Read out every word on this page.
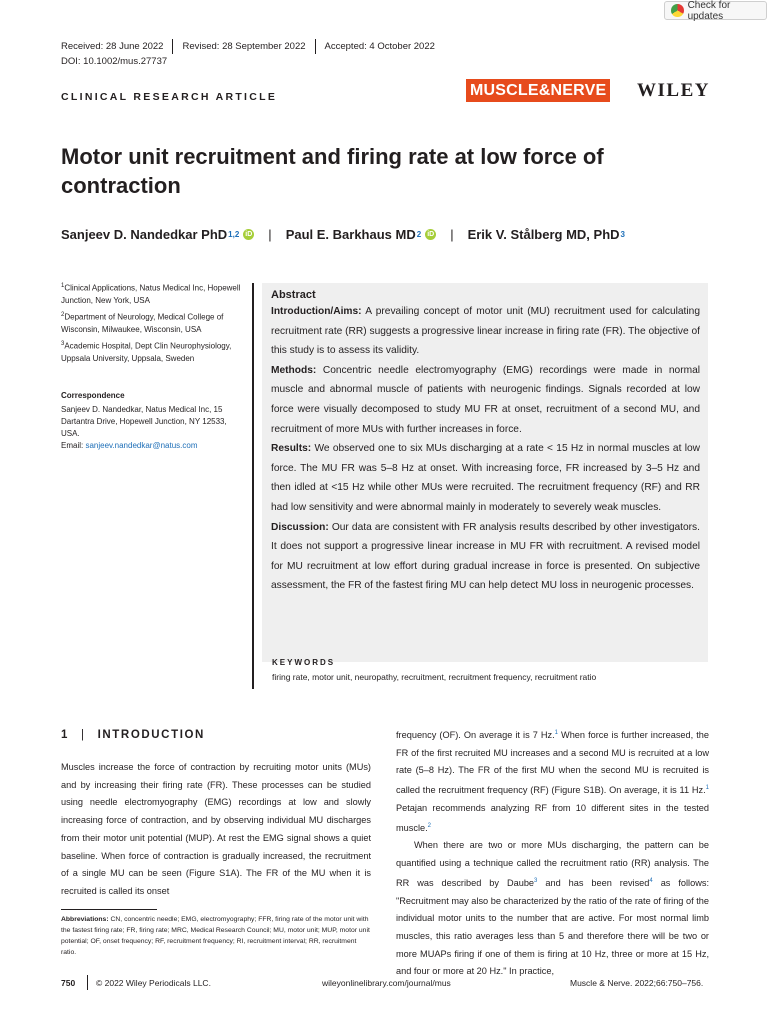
Check for updates
Received: 28 June 2022 Revised: 28 September 2022 Accepted: 4 October 2022
DOI: 10.1002/mus.27737
CLINICAL RESEARCH ARTICLE	MUSCLE&NERVE WILEY
Motor unit recruitment and firing rate at low force of contraction
Sanjeev D. Nandedkar PhD 1,2 iD | Paul E. Barkhaus MD 2 iD | Erik V. Stålberg MD, PhD 3
$^1$Clinical Applications, Natus Medical Inc, Hopewell Junction, New York, USA
$^2$Department of Neurology, Medical College of Wisconsin, Milwaukee, Wisconsin, USA
$^3$Academic Hospital, Dept Clin Neurophysiology, Uppsala University, Uppsala, Sweden
Correspondence
Sanjeev D. Nandedkar, Natus Medical Inc, 15 Dartantra Drive, Hopewell Junction, NY 12533, USA.
Email: sanjeev.nandedkar@natus.com
Abstract

Introduction/Aims: A prevailing concept of motor unit (MU) recruitment used for calculating recruitment rate (RR) suggests a progressive linear increase in firing rate (FR). The objective of this study is to assess its validity.

Methods: Concentric needle electromyography (EMG) recordings were made in normal muscle and abnormal muscle of patients with neurogenic findings. Signals recorded at low force were visually decomposed to study MU FR at onset, recruitment of a second MU, and recruitment of more MUs with further increases in force.

Results: We observed one to six MUs discharging at a rate < 15 Hz in normal muscles at low force. The MU FR was 5–8 Hz at onset. With increasing force, FR increased by 3–5 Hz and then idled at <15 Hz while other MUs were recruited. The recruitment frequency (RF) and RR had low sensitivity and were abnormal mainly in moderately to severely weak muscles.

Discussion: Our data are consistent with FR analysis results described by other investigators. It does not support a progressive linear increase in MU FR with recruitment. A revised model for MU recruitment at low effort during gradual increase in force is presented. On subjective assessment, the FR of the fastest firing MU can help detect MU loss in neurogenic processes.

KEYWORDS
firing rate, motor unit, neuropathy, recruitment, recruitment frequency, recruitment ratio
1 | INTRODUCTION

Muscles increase the force of contraction by recruiting motor units (MUs) and by increasing their firing rate (FR). These processes can be studied using needle electromyography (EMG) recordings at low and slowly increasing force of contraction, and by observing individual MU discharges from their motor unit potential (MUP). At rest the EMG signal shows a quiet baseline. When force of contraction is gradually increased, the recruitment of a single MU can be seen (Figure S1A). The FR of the MU when it is recruited is called its onset

frequency (OF). On average it is 7 Hz.$^1$ When force is further increased, the FR of the first recruited MU increases and a second MU is recruited at a low rate (5–8 Hz). The FR of the first MU when the second MU is recruited is called the recruitment frequency (RF) (Figure S1B). On average, it is 11 Hz.$^1$ Petajan recommends analyzing RF from 10 different sites in the tested muscle.$^2$

When there are two or more MUs discharging, the pattern can be quantified using a technique called the recruitment ratio (RR) analysis. The RR was described by Daube$^3$ and has been revised$^4$ as follows: "Recruitment may also be characterized by the ratio of the rate of firing of the individual motor units to the number that are active. For most normal limb muscles, this ratio averages less than 5 and therefore there will be two or more MUAPs firing if one of them is firing at 10 Hz, three or more at 15 Hz, and four or more at 20 Hz." In practice,

Abbreviations: CN, concentric needle; EMG, electromyography; FFR, firing rate of the motor unit with the fastest firing rate; FR, firing rate; MRC, Medical Research Council; MU, motor unit; MUP, motor unit potential; OF, onset frequency; RF, recruitment frequency; RI, recruitment interval; RR, recruitment ratio.
750 © 2022 Wiley Periodicals LLC.	wileyonlinelibrary.com/journal/mus	Muscle & Nerve. 2022;66:750–756.
